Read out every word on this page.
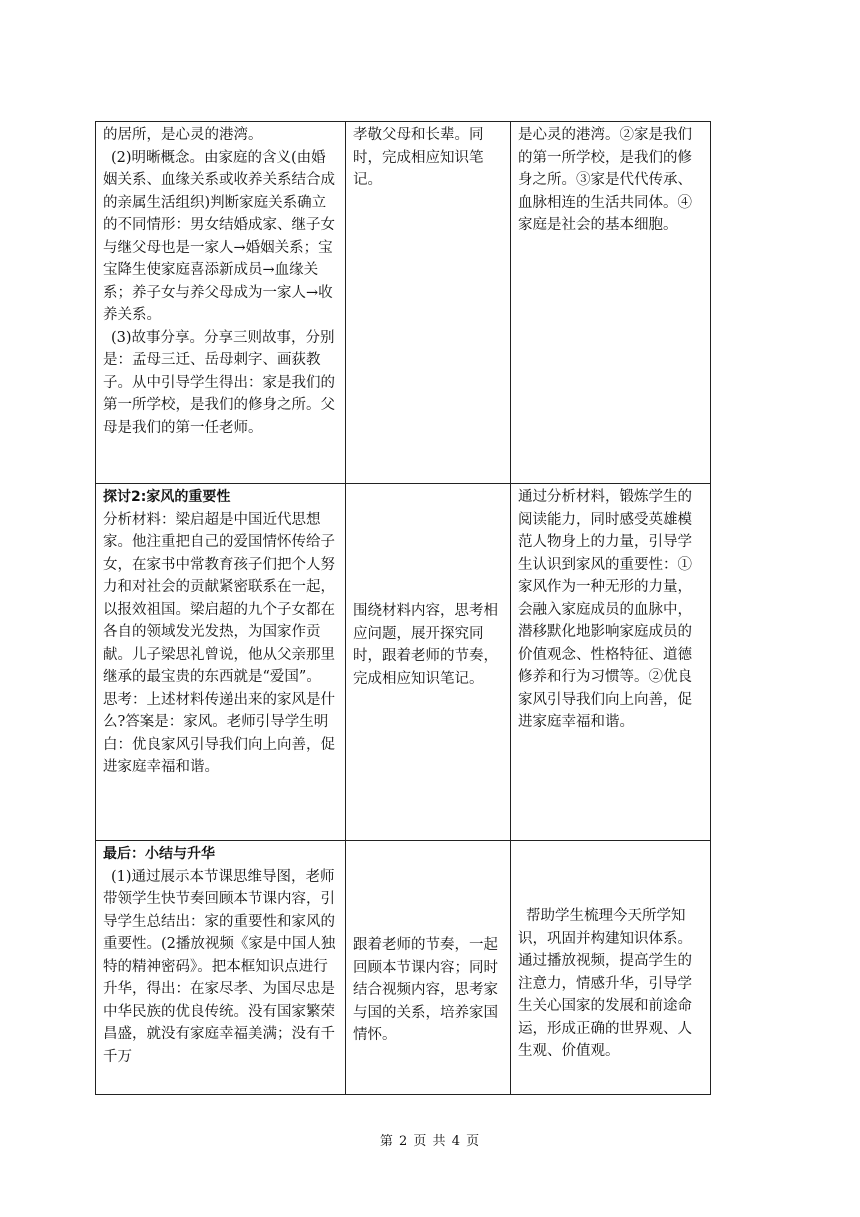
的居所，是心灵的港湾。
(2)明晰概念。由家庭的含义(由婚姻关系、血缘关系或收养关系结合成的亲属生活组织)判断家庭关系确立的不同情形：男女结婚成家、继子女与继父母也是一家人→婚姻关系；宝宝降生使家庭喜添新成员→血缘关系；养子女与养父母成为一家人→收养关系。
(3)故事分享。分享三则故事，分别是：孟母三迁、岳母刺字、画荻教子。从中引导学生得出：家是我们的第一所学校，是我们的修身之所。父母是我们的第一任老师。	孝敬父母和长辈。同时，完成相应知识笔记。	是心灵的港湾。②家是我们的第一所学校，是我们的修身之所。③家是代代传承、血脉相连的生活共同体。④家庭是社会的基本细胞。

探讨2:家风的重要性
分析材料：梁启超是中国近代思想家。他注重把自己的爱国情怀传给子女，在家书中常教育孩子们把个人努力和对社会的贡献紧密联系在一起，以报效祖国。梁启超的九个子女都在各自的领域发光发热，为国家作贡献。儿子梁思礼曾说，他从父亲那里继承的最宝贵的东西就是“爱国”。
思考：上述材料传递出来的家风是什么?答案是：家风。老师引导学生明白：优良家风引导我们向上向善，促进家庭幸福和谐。	围绕材料内容，思考相应问题，展开探究同时，跟着老师的节奏，完成相应知识笔记。	通过分析材料，锻炼学生的阅读能力，同时感受英雄模范人物身上的力量，引导学生认识到家风的重要性：①家风作为一种无形的力量，会融入家庭成员的血脉中，潜移默化地影响家庭成员的价值观念、性格特征、道德修养和行为习惯等。②优良家风引导我们向上向善，促进家庭幸福和谐。

最后：小结与升华
(1)通过展示本节课思维导图，老师带领学生快节奏回顾本节课内容，引导学生总结出：家的重要性和家风的重要性。(2播放视频《家是中国人独特的精神密码》。把本框知识点进行升华，得出：在家尽孝、为国尽忠是中华民族的优良传统。没有国家繁荣昌盛，就没有家庭幸福美满；没有千千万	跟着老师的节奏，一起回顾本节课内容；同时结合视频内容，思考家与国的关系，培养家国情怀。	帮助学生梳理今天所学知识，巩固并构建知识体系。通过播放视频，提高学生的注意力，情感升华，引导学生关心国家的发展和前途命运，形成正确的世界观、人生观、价值观。
第 2 页 共 4 页
